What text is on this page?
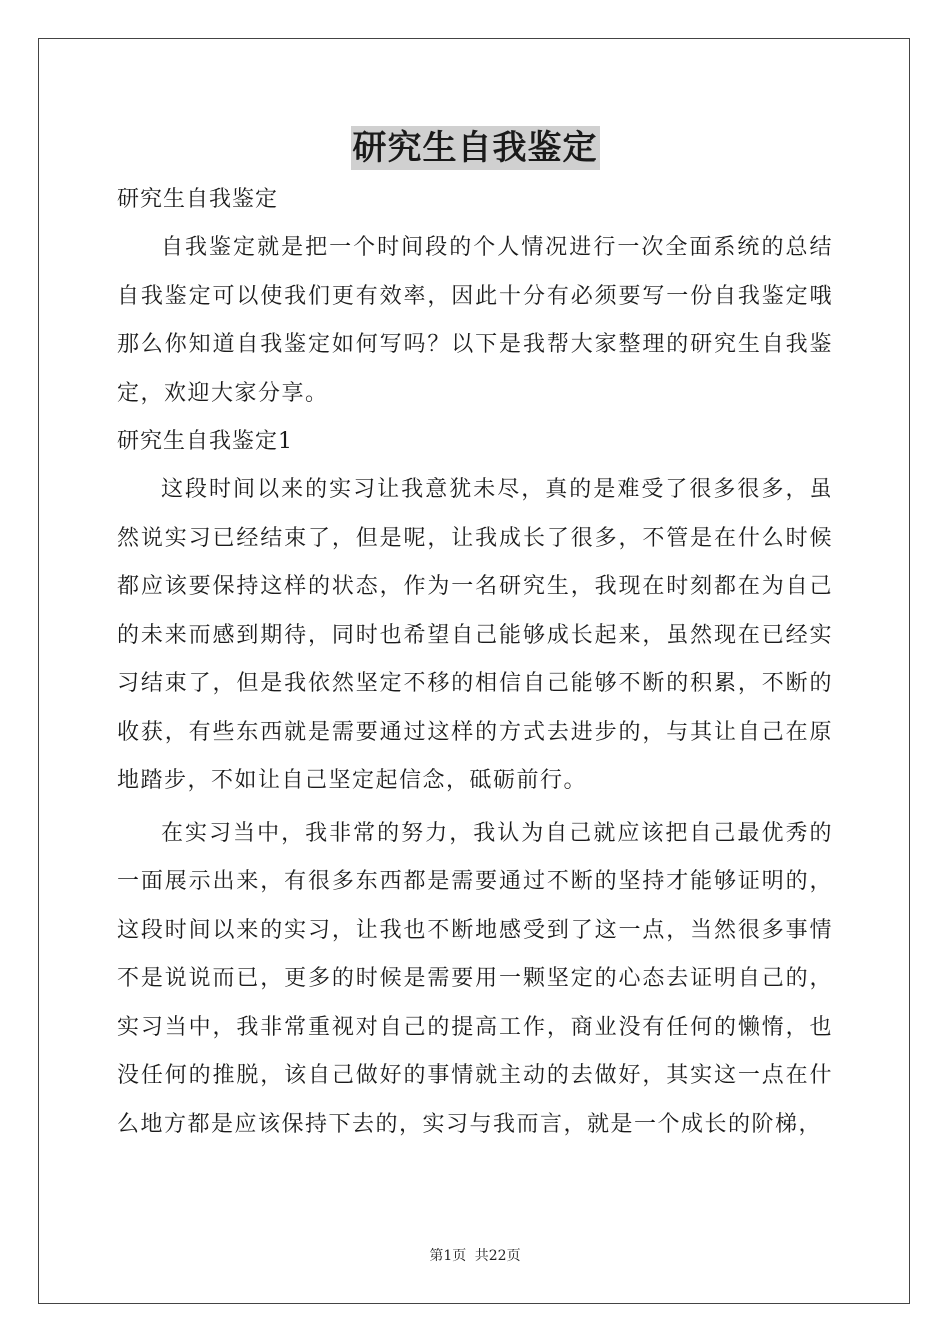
研究生自我鉴定

研究生自我鉴定

自我鉴定就是把一个时间段的个人情况进行一次全面系统的总结自我鉴定可以使我们更有效率，因此十分有必须要写一份自我鉴定哦那么你知道自我鉴定如何写吗？以下是我帮大家整理的研究生自我鉴定，欢迎大家分享。

研究生自我鉴定1

这段时间以来的实习让我意犹未尽，真的是难受了很多很多，虽然说实习已经结束了，但是呢，让我成长了很多，不管是在什么时候都应该要保持这样的状态，作为一名研究生，我现在时刻都在为自己的未来而感到期待，同时也希望自己能够成长起来，虽然现在已经实习结束了，但是我依然坚定不移的相信自己能够不断的积累，不断的收获，有些东西就是需要通过这样的方式去进步的，与其让自己在原地踏步，不如让自己坚定起信念，砥砺前行。

在实习当中，我非常的努力，我认为自己就应该把自己最优秀的一面展示出来，有很多东西都是需要通过不断的坚持才能够证明的，这段时间以来的实习，让我也不断地感受到了这一点，当然很多事情不是说说而已，更多的时候是需要用一颗坚定的心态去证明自己的，实习当中，我非常重视对自己的提高工作，商业没有任何的懒惰，也没任何的推脱，该自己做好的事情就主动的去做好，其实这一点在什么地方都是应该保持下去的，实习与我而言，就是一个成长的阶梯，

第1页 共22页
